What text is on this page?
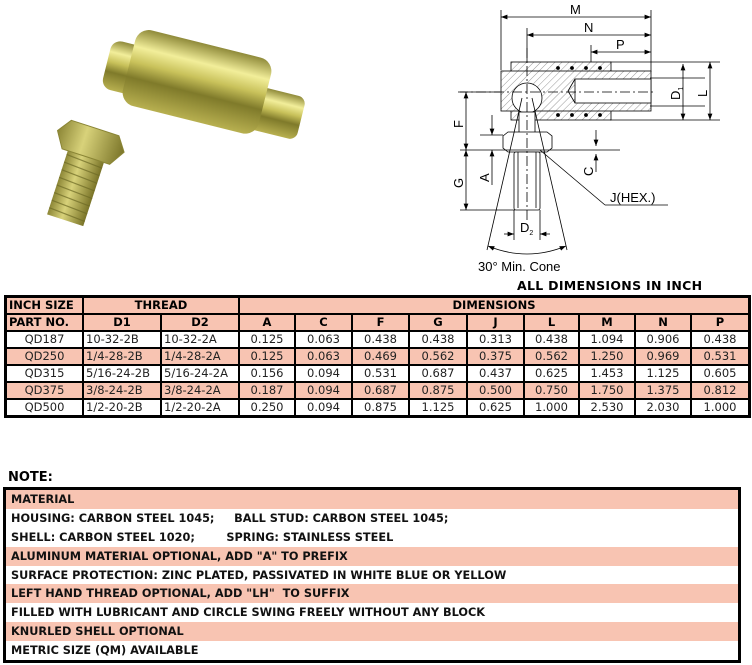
M
N
P
$D_1$
L
F
G
A
C
J(HEX.)
$D_2$
30° Min. Cone
ALL DIMENSIONS IN INCH
INCH SIZE	THREAD		DIMENSIONS								
PART NO.	D1	D2	A	C	F	G	J	L	M	N	P
QD187	10-32-2B	10-32-2A	0.125	0.063	0.438	0.438	0.313	0.438	1.094	0.906	0.438
QD250	1/4-28-2B	1/4-28-2A	0.125	0.063	0.469	0.562	0.375	0.562	1.250	0.969	0.531
QD315	5/16-24-2B	5/16-24-2A	0.156	0.094	0.531	0.687	0.437	0.625	1.453	1.125	0.605
QD375	3/8-24-2B	3/8-24-2A	0.187	0.094	0.687	0.875	0.500	0.750	1.750	1.375	0.812
QD500	1/2-20-2B	1/2-20-2A	0.250	0.094	0.875	1.125	0.625	1.000	2.530	2.030	1.000
NOTE:
MATERIAL
HOUSING: CARBON STEEL 1045;     BALL STUD: CARBON STEEL 1045;
SHELL: CARBON STEEL 1020;        SPRING: STAINLESS STEEL
ALUMINUM MATERIAL OPTIONAL, ADD "A" TO PREFIX
SURFACE PROTECTION: ZINC PLATED, PASSIVATED IN WHITE BLUE OR YELLOW
LEFT HAND THREAD OPTIONAL, ADD "LH"  TO SUFFIX
FILLED WITH LUBRICANT AND CIRCLE SWING FREELY WITHOUT ANY BLOCK
KNURLED SHELL OPTIONAL
METRIC SIZE (QM) AVAILABLE
